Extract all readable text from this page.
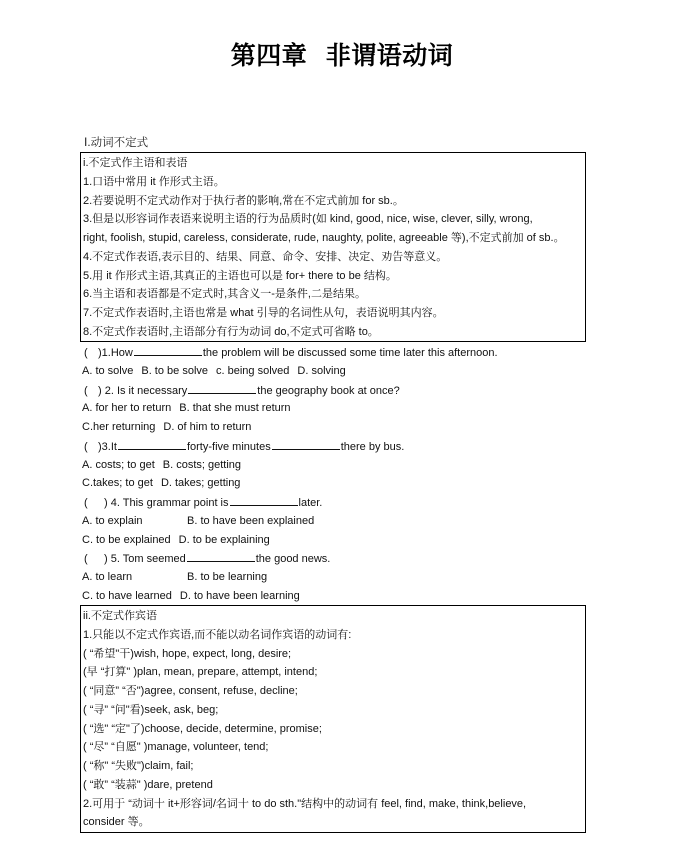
第四章  非谓语动词
Ⅰ.动词不定式
i.不定式作主语和表语
1.口语中常用 it 作形式主语。
2.若要说明不定式动作对于执行者的影响,常在不定式前加 for sb.。
3.但是以形容词作表语来说明主语的行为品质时(如 kind, good, nice, wise, clever, silly, wrong,
right, foolish, stupid, careless, considerate, rude, naughty, polite, agreeable 等),不定式前加 of sb.。
4.不定式作表语,表示目的、结果、同意、命令、安排、决定、劝告等意义。
5.用 it 作形式主语,其真正的主语也可以是 for+ there to be 结构。
6.当主语和表语都是不定式时,其含义一-是条件,二是结果。
7.不定式作表语时,主语也常是 what 引导的名词性从句，表语说明其内容。
8.不定式作表语时,主语部分有行为动词 do,不定式可省略 to。
( )1.How	the problem will be discussed some time later this afternoon.
A. to solve B. to be solve c. being solved D. solving
( ) 2. Is it necessary	the geography book at once?
A. for her to return B. that she must return
C.her returning D. of him to return
( )3.It	forty-five minutes	there by bus.
A. costs; to get B. costs; getting
C.takes; to get D. takes; getting
( ) 4. This grammar point is	later.
A. to explain	B. to have been explained
C. to be explained D. to be explaining
( ) 5. Tom seemed	the good news.
A. to learn	B. to be learning
C. to have learned D. to have been learning
ii.不定式作宾语
1.只能以不定式作宾语,而不能以动名词作宾语的动词有:
( “希望"干)wish, hope, expect, long, desire;
(早 “打算" )plan, mean, prepare, attempt, intend;
( “同意” “否")agree, consent, refuse, decline;
( “寻” “问"看)seek, ask, beg;
( “选" “定"了)choose, decide, determine, promise;
( “尽” “自愿" )manage, volunteer, tend;
( “称" “失败")claim, fail;
( “敢” “装蒜" )dare, pretend
2.可用于 “动词十 it+形容词/名词十 to do sth."结构中的动词有 feel, find, make, think,believe,
consider 等。
